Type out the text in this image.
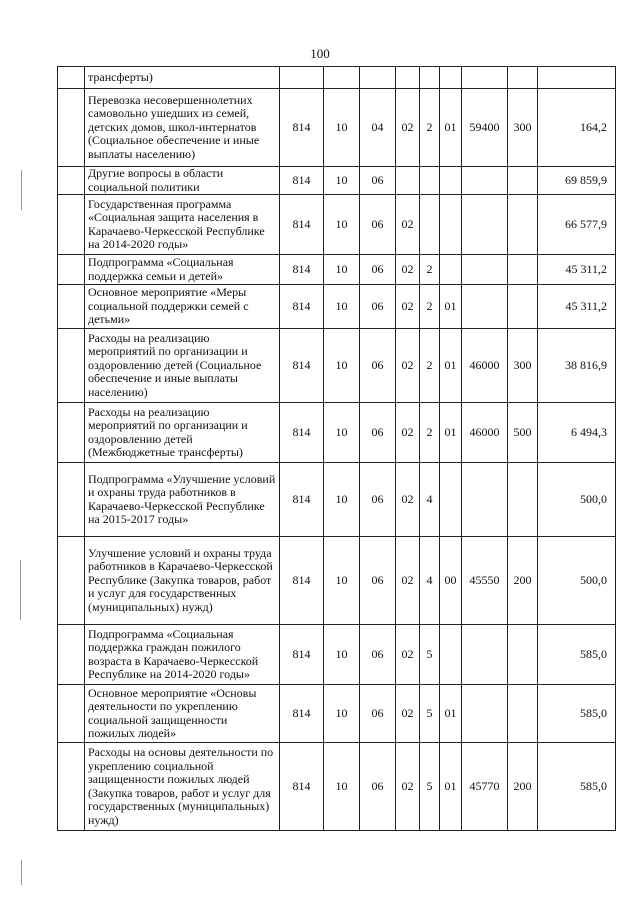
100
	трансферты)									
	Перевозка несовершеннолетних самовольно ушедших из семей, детских домов, школ-интернатов (Социальное обеспечение и иные выплаты населению)	814	10	04	02	2	01	59400	300	164,2
	Другие вопросы в области социальной политики	814	10	06						69 859,9
	Государственная программа «Социальная защита населения в Карачаево-Черкесской Республике на 2014-2020 годы»	814	10	06	02					66 577,9
	Подпрограмма «Социальная поддержка семьи и детей»	814	10	06	02	2				45 311,2
	Основное мероприятие «Меры социальной поддержки семей с детьми»	814	10	06	02	2	01			45 311,2
	Расходы на реализацию мероприятий по организации и оздоровлению детей (Социальное обеспечение и иные выплаты населению)	814	10	06	02	2	01	46000	300	38 816,9
	Расходы на реализацию мероприятий по организации и оздоровлению детей (Межбюджетные трансферты)	814	10	06	02	2	01	46000	500	6 494,3
	Подпрограмма «Улучшение условий и охраны труда работников в Карачаево-Черкесской Республике на 2015-2017 годы»	814	10	06	02	4				500,0
	Улучшение условий и охраны труда работников в Карачаево-Черкесской Республике (Закупка товаров, работ и услуг для государственных (муниципальных) нужд)	814	10	06	02	4	00	45550	200	500,0
	Подпрограмма «Социальная поддержка граждан пожилого возраста в Карачаево-Черкесской Республике на 2014-2020 годы»	814	10	06	02	5				585,0
	Основное мероприятие «Основы деятельности по укреплению социальной защищенности пожилых людей»	814	10	06	02	5	01			585,0
	Расходы на основы деятельности по укреплению социальной защищенности пожилых людей (Закупка товаров, работ и услуг для государственных (муниципальных) нужд)	814	10	06	02	5	01	45770	200	585,0
